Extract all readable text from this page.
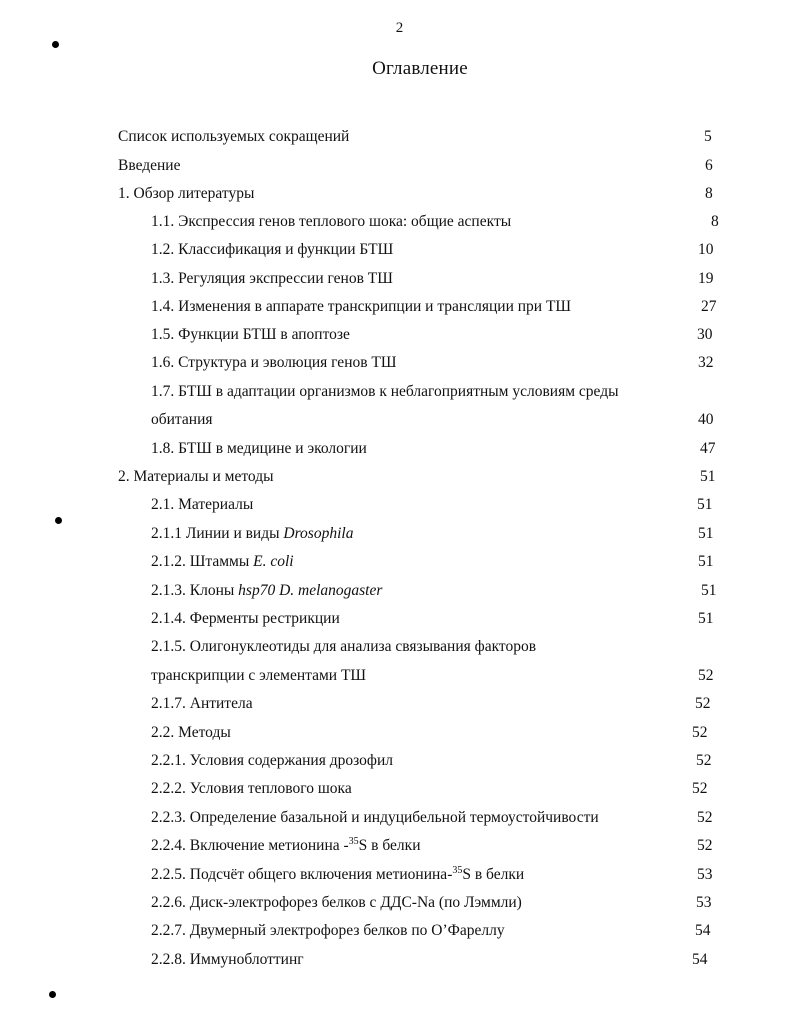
2
Оглавление
Список используемых сокращений	5
Введение	6
1. Обзор литературы	8
1.1. Экспрессия генов теплового шока: общие аспекты	8
1.2. Классификация и функции БТШ	10
1.3. Регуляция экспрессии генов ТШ	19
1.4. Изменения в аппарате транскрипции и трансляции при ТШ	27
1.5. Функции БТШ в апоптозе	30
1.6. Структура и эволюция генов ТШ	32
1.7. БТШ в адаптации организмов к неблагоприятным условиям среды
обитания	40
1.8. БТШ в медицине и экологии	47
2. Материалы и методы	51
2.1. Материалы	51
2.1.1 Линии и виды Drosophila	51
2.1.2. Штаммы E. coli	51
2.1.3. Клоны hsp70 D. melanogaster	51
2.1.4. Ферменты рестрикции	51
2.1.5. Олигонуклеотиды для анализа связывания факторов
транскрипции с элементами ТШ	52
2.1.7. Антитела	52
2.2. Методы	52
2.2.1. Условия содержания дрозофил	52
2.2.2. Условия теплового шока	52
2.2.3. Определение базальной и индуцибельной термоустойчивости	52
2.2.4. Включение метионина -$^{35}$S в белки	52
2.2.5. Подсчёт общего включения метионина-$^{35}$S в белки	53
2.2.6. Диск-электрофорез белков с ДДС-Na (по Лэммли)	53
2.2.7. Двумерный электрофорез белков по О’Фареллу	54
2.2.8. Иммуноблоттинг	54
